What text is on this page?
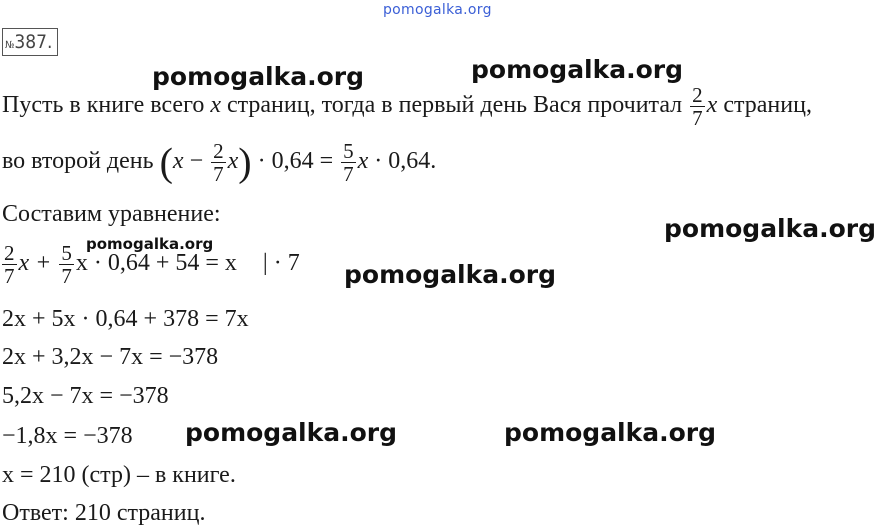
pomogalka.org
№387.
Пусть в книге всего x страниц, тогда в первый день Вася прочитал $\frac{2}{7}$ x страниц,
во второй день $(x - \frac{2}{7} x) \cdot 0,64 = \frac{5}{7}$ x · 0,64.
Составим уравнение:
$\frac{2}{7}$ $x + \frac{5}{7}$ x · 0,64 + 54 = x | · 7
2x + 5x · 0,64 + 378 = 7x
2x + 3,2x − 7x = −378
5,2x − 7x = −378
−1,8x = −378
x = 210 (стр) – в книге.
Ответ: 210 страниц.
pomogalka.org	pomogalka.org
pomogalka.org
pomogalka.org
pomogalka.org
pomogalka.org	pomogalka.org
